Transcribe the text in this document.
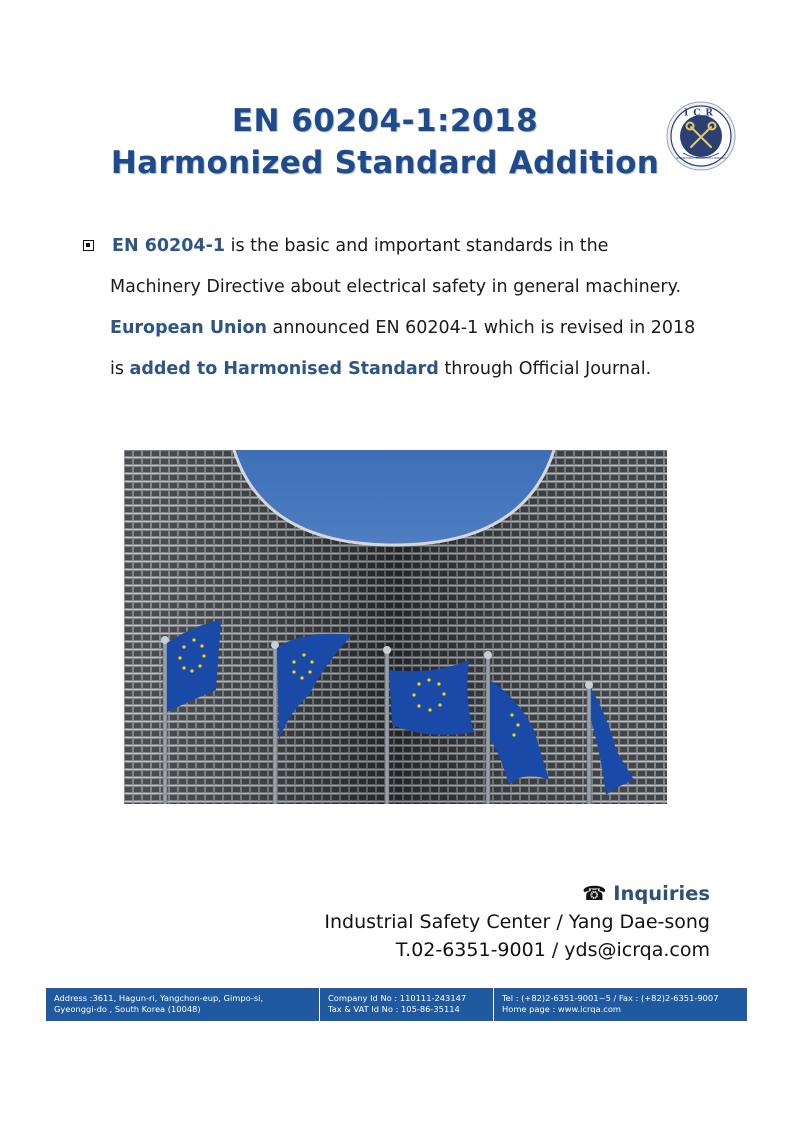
EN 60204-1:2018
Harmonized Standard Addition
ICR
INTERNATIONAL CERTIFICATION & RESEARCH
EN 60204-1 is the basic and important standards in the
Machinery Directive about electrical safety in general machinery.
European Union announced EN 60204-1 which is revised in 2018
is added to Harmonised Standard through Official Journal.
☎ Inquiries
Industrial Safety Center / Yang Dae-song
T.02-6351-9001 / yds@icrqa.com
Address :3611, Hagun-ri, Yangchon-eup, Gimpo-si,
Gyeonggi-do , South Korea (10048)
Company Id No : 110111-243147
Tax & VAT Id No : 105-86-35114
Tel : (+82)2-6351-9001~5 / Fax : (+82)2-6351-9007
Home page : www.icrqa.com
